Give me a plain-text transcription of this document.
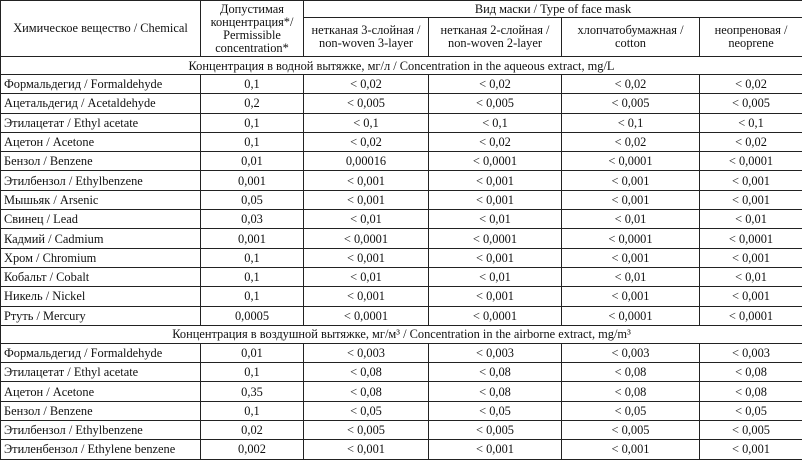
Химическое вещество / Chemical	Допустимая концентрация*/ Permissible concentration*	Вид маски / Type of face mask			
		нетканая 3-слойная / non-woven 3-layer	нетканая 2-слойная / non-woven 2-layer	хлопчатобумажная / cotton	неопреновая / neoprene
Концентрация в водной вытяжке, мг/л / Concentration in the aqueous extract, mg/L					
Формальдегид / Formaldehyde	0,1	< 0,02	< 0,02	< 0,02	< 0,02
Ацетальдегид / Acetaldehyde	0,2	< 0,005	< 0,005	< 0,005	< 0,005
Этилацетат / Ethyl acetate	0,1	< 0,1	< 0,1	< 0,1	< 0,1
Ацетон / Acetone	0,1	< 0,02	< 0,02	< 0,02	< 0,02
Бензол / Benzene	0,01	0,00016	< 0,0001	< 0,0001	< 0,0001
Этилбензол / Ethylbenzene	0,001	< 0,001	< 0,001	< 0,001	< 0,001
Мышьяк / Arsenic	0,05	< 0,001	< 0,001	< 0,001	< 0,001
Свинец / Lead	0,03	< 0,01	< 0,01	< 0,01	< 0,01
Кадмий / Cadmium	0,001	< 0,0001	< 0,0001	< 0,0001	< 0,0001
Хром / Chromium	0,1	< 0,001	< 0,001	< 0,001	< 0,001
Кобальт / Cobalt	0,1	< 0,01	< 0,01	< 0,01	< 0,01
Никель / Nickel	0,1	< 0,001	< 0,001	< 0,001	< 0,001
Ртуть / Mercury	0,0005	< 0,0001	< 0,0001	< 0,0001	< 0,0001
Концентрация в воздушной вытяжке, мг/м³ / Concentration in the airborne extract, mg/m³					
Формальдегид / Formaldehyde	0,01	< 0,003	< 0,003	< 0,003	< 0,003
Этилацетат / Ethyl acetate	0,1	< 0,08	< 0,08	< 0,08	< 0,08
Ацетон / Acetone	0,35	< 0,08	< 0,08	< 0,08	< 0,08
Бензол / Benzene	0,1	< 0,05	< 0,05	< 0,05	< 0,05
Этилбензол / Ethylbenzene	0,02	< 0,005	< 0,005	< 0,005	< 0,005
Этиленбензол / Ethylene benzene	0,002	< 0,001	< 0,001	< 0,001	< 0,001
